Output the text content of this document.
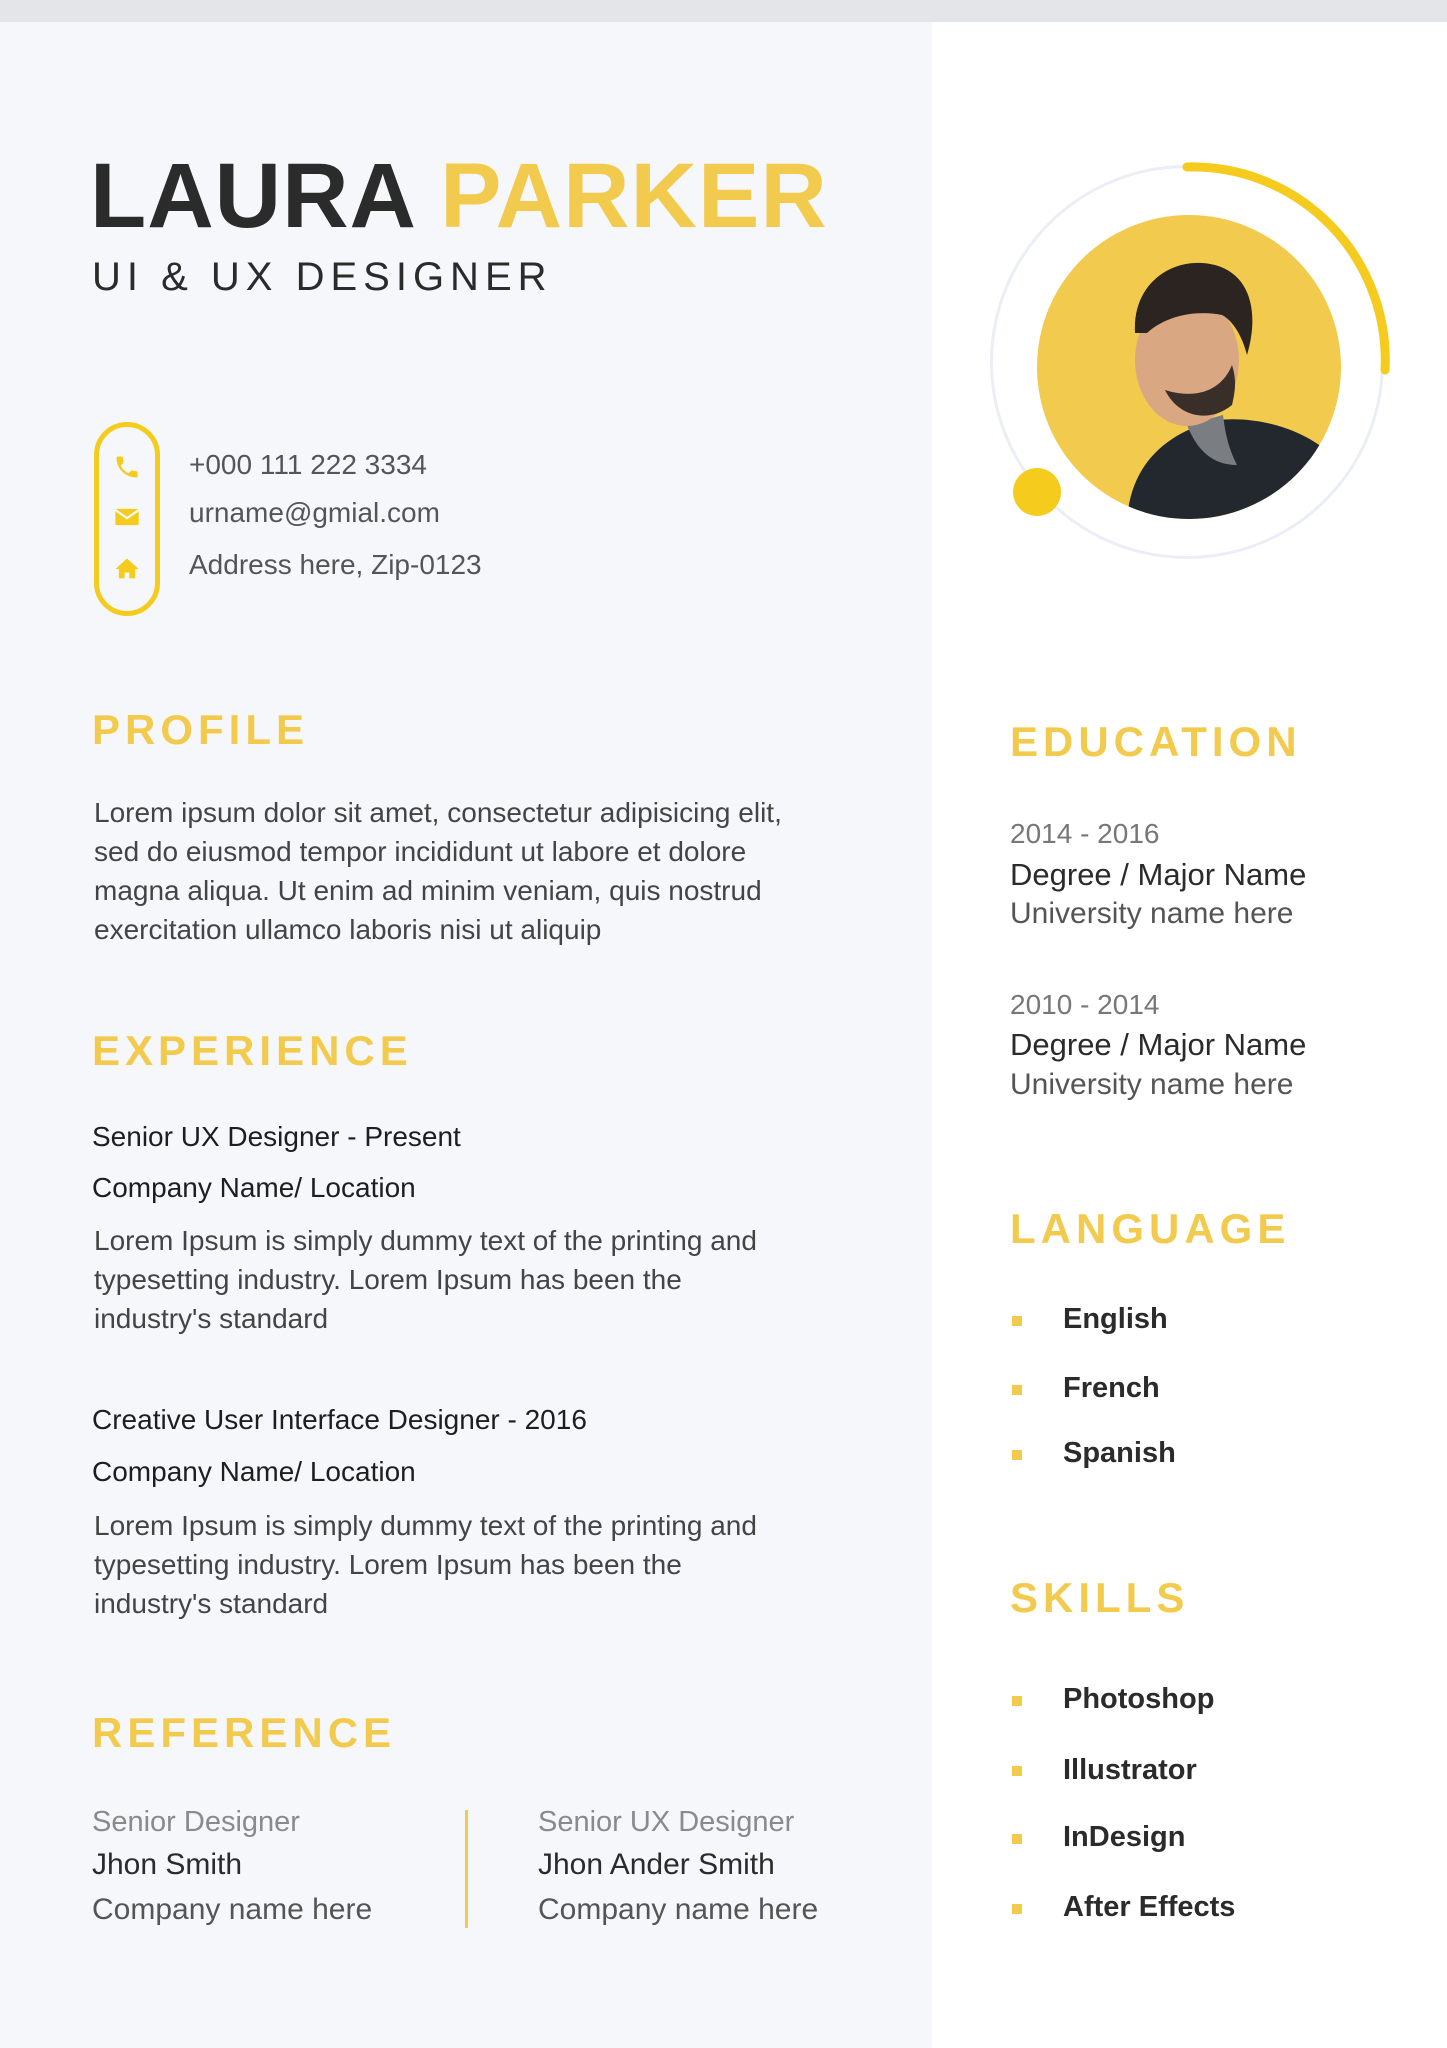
LAURA PARKER
UI & UX DESIGNER
+000 111 222 3334
urname@gmial.com
Address here, Zip-0123
PROFILE
Lorem ipsum dolor sit amet, consectetur adipisicing elit,
sed do eiusmod tempor incididunt ut labore et dolore
magna aliqua. Ut enim ad minim veniam, quis nostrud
exercitation ullamco laboris nisi ut aliquip
EXPERIENCE
Senior UX Designer - Present
Company Name/ Location
Lorem Ipsum is simply dummy text of the printing and
typesetting industry. Lorem Ipsum has been the
industry's standard
Creative User Interface Designer - 2016
Company Name/ Location
Lorem Ipsum is simply dummy text of the printing and
typesetting industry. Lorem Ipsum has been the
industry's standard
REFERENCE
Senior Designer
Jhon Smith
Company name here
Senior UX Designer
Jhon Ander Smith
Company name here
EDUCATION
2014 - 2016
Degree / Major Name
University name here
2010 - 2014
Degree / Major Name
University name here
LANGUAGE
English
French
Spanish
SKILLS
Photoshop
Illustrator
InDesign
After Effects
